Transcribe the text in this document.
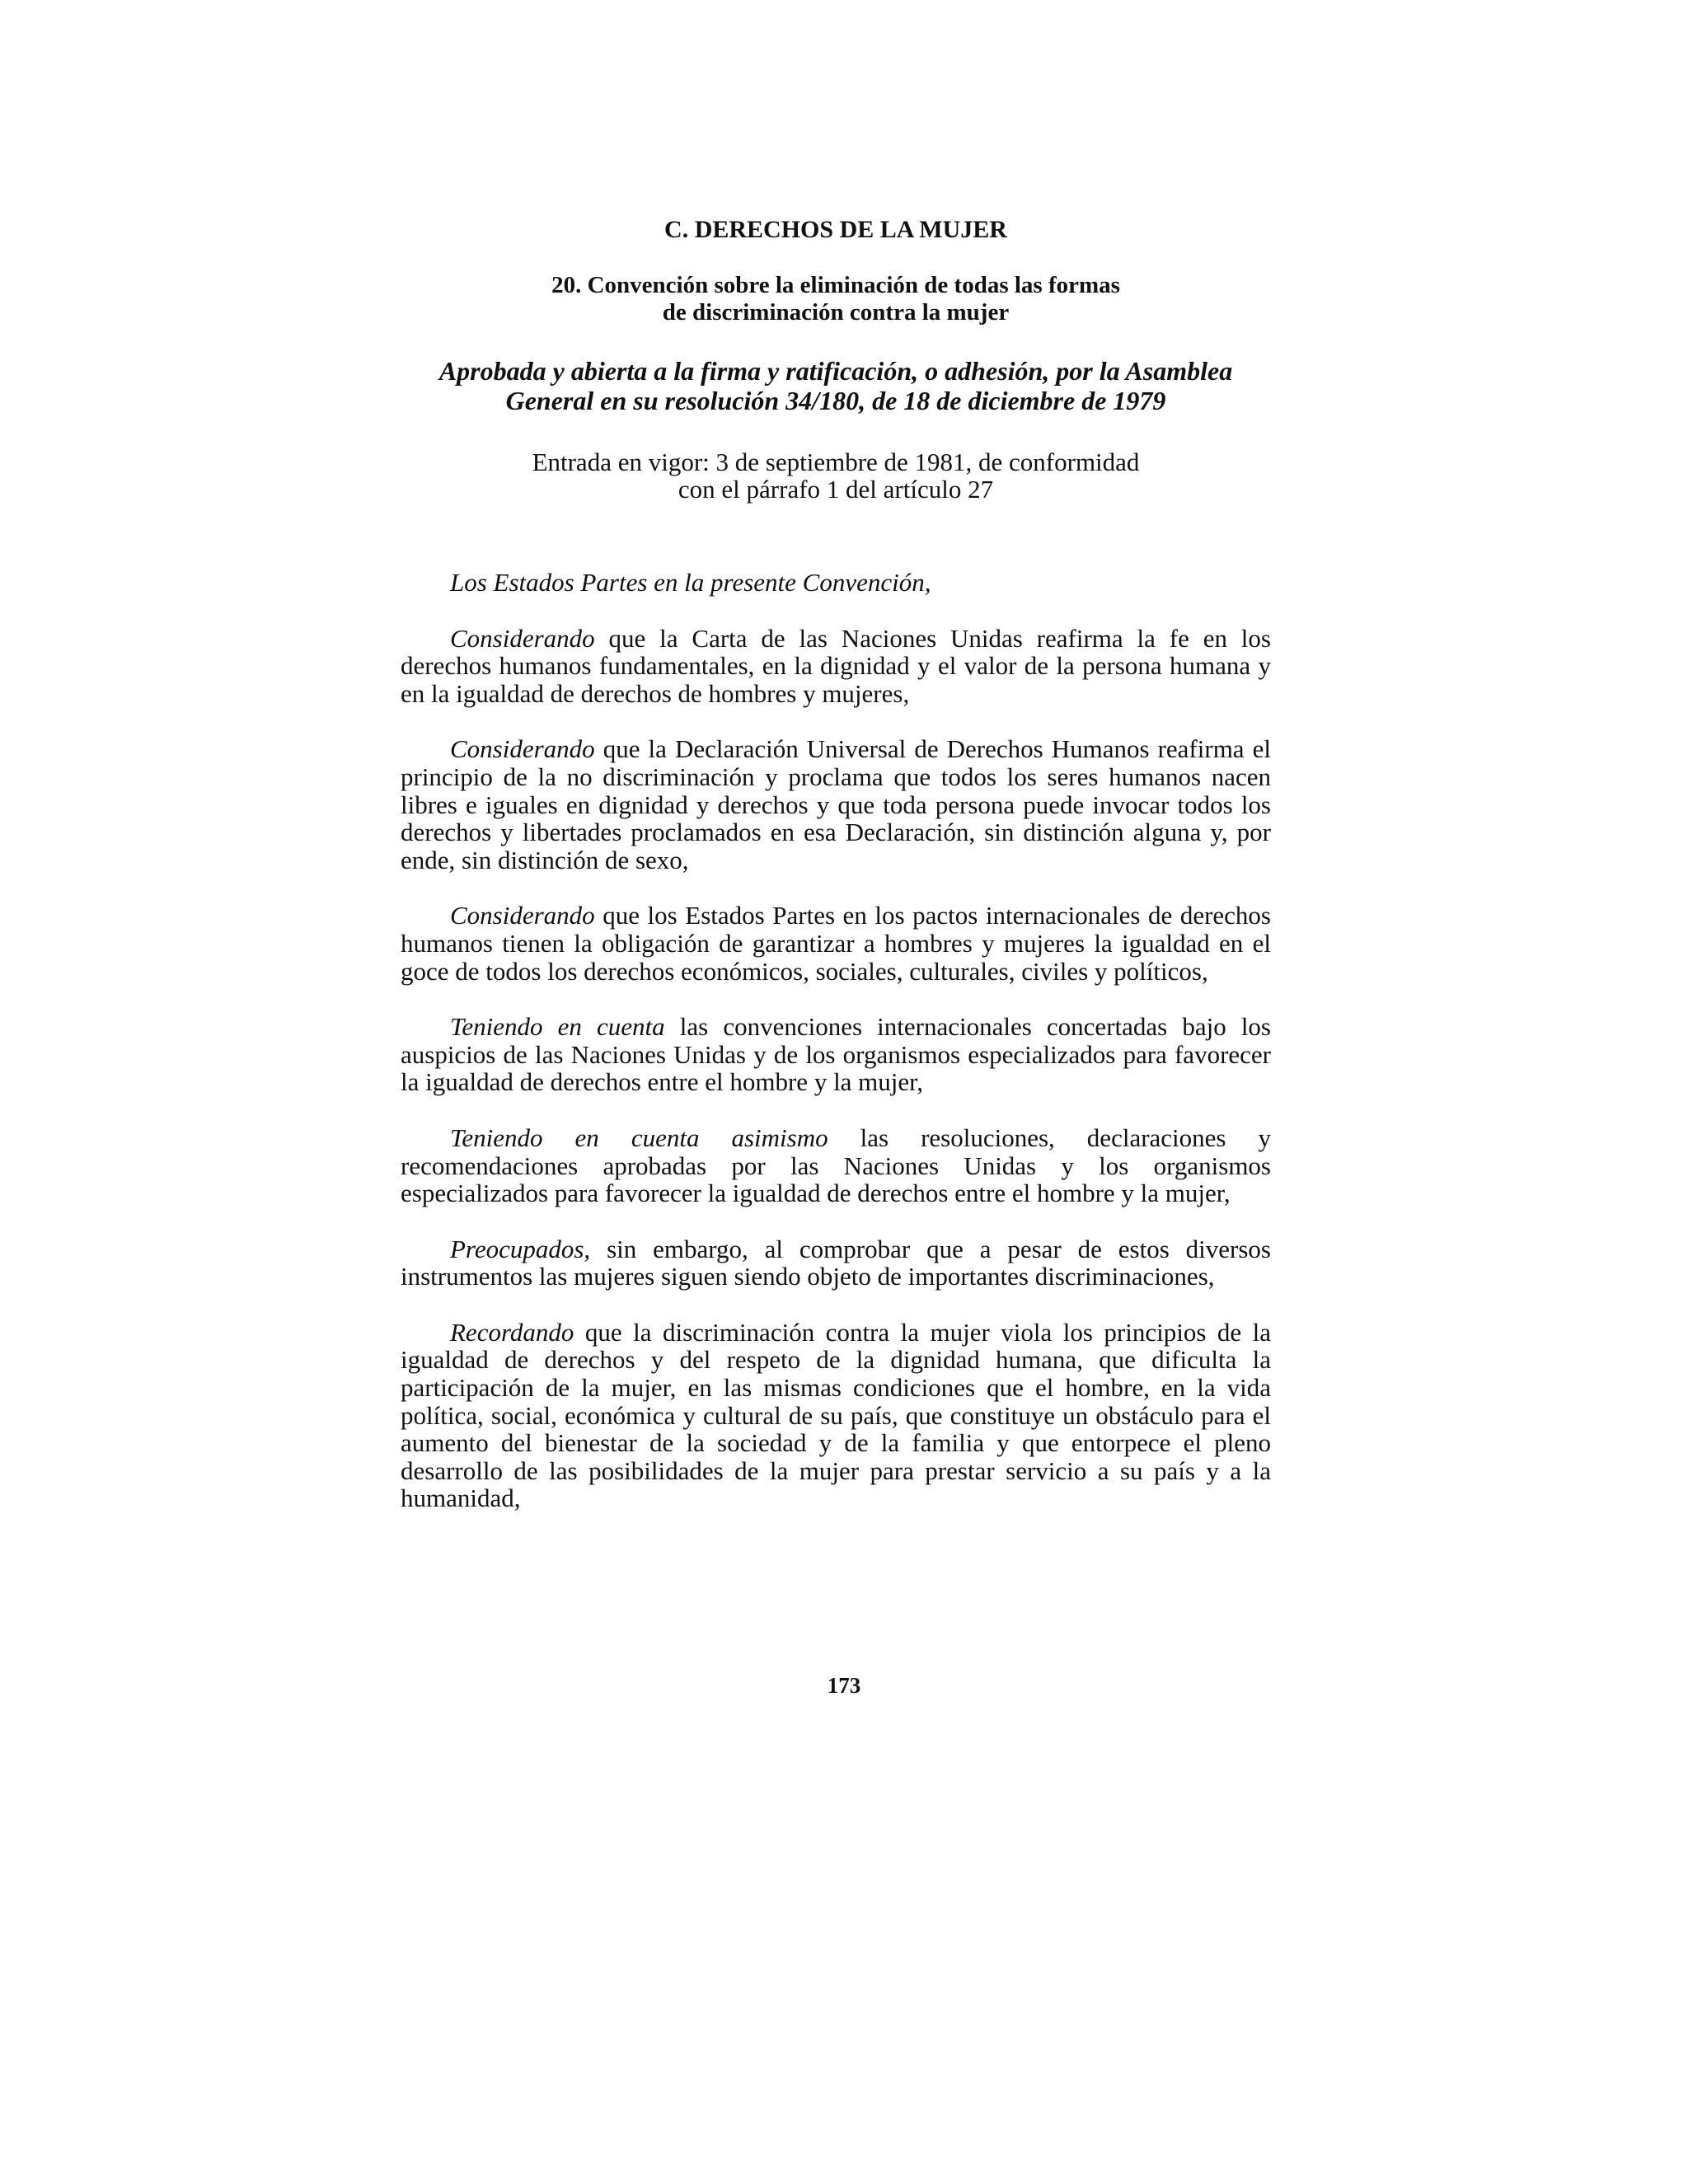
C. DERECHOS DE LA MUJER

20. Convención sobre la eliminación de todas las formas
de discriminación contra la mujer

Aprobada y abierta a la firma y ratificación, o adhesión, por la Asamblea
General en su resolución 34/180, de 18 de diciembre de 1979

Entrada en vigor: 3 de septiembre de 1981, de conformidad
con el párrafo 1 del artículo 27

Los Estados Partes en la presente Convención,

Considerando que la Carta de las Naciones Unidas reafirma la fe en los derechos humanos fundamentales, en la dignidad y el valor de la persona humana y en la igualdad de derechos de hombres y mujeres,

Considerando que la Declaración Universal de Derechos Humanos reafirma el principio de la no discriminación y proclama que todos los seres humanos nacen libres e iguales en dignidad y derechos y que toda persona puede invocar todos los derechos y libertades proclamados en esa Declaración, sin distinción alguna y, por ende, sin distinción de sexo,

Considerando que los Estados Partes en los pactos internacionales de derechos humanos tienen la obligación de garantizar a hombres y mujeres la igualdad en el goce de todos los derechos económicos, sociales, culturales, civiles y políticos,

Teniendo en cuenta las convenciones internacionales concertadas bajo los auspicios de las Naciones Unidas y de los organismos especializados para favorecer la igualdad de derechos entre el hombre y la mujer,

Teniendo en cuenta asimismo las resoluciones, declaraciones y recomendaciones aprobadas por las Naciones Unidas y los organismos especializados para favorecer la igualdad de derechos entre el hombre y la mujer,

Preocupados, sin embargo, al comprobar que a pesar de estos diversos instrumentos las mujeres siguen siendo objeto de importantes discriminaciones,

Recordando que la discriminación contra la mujer viola los principios de la igualdad de derechos y del respeto de la dignidad humana, que dificulta la participación de la mujer, en las mismas condiciones que el hombre, en la vida política, social, económica y cultural de su país, que constituye un obstáculo para el aumento del bienestar de la sociedad y de la familia y que entorpece el pleno desarrollo de las posibilidades de la mujer para prestar servicio a su país y a la humanidad,

173
